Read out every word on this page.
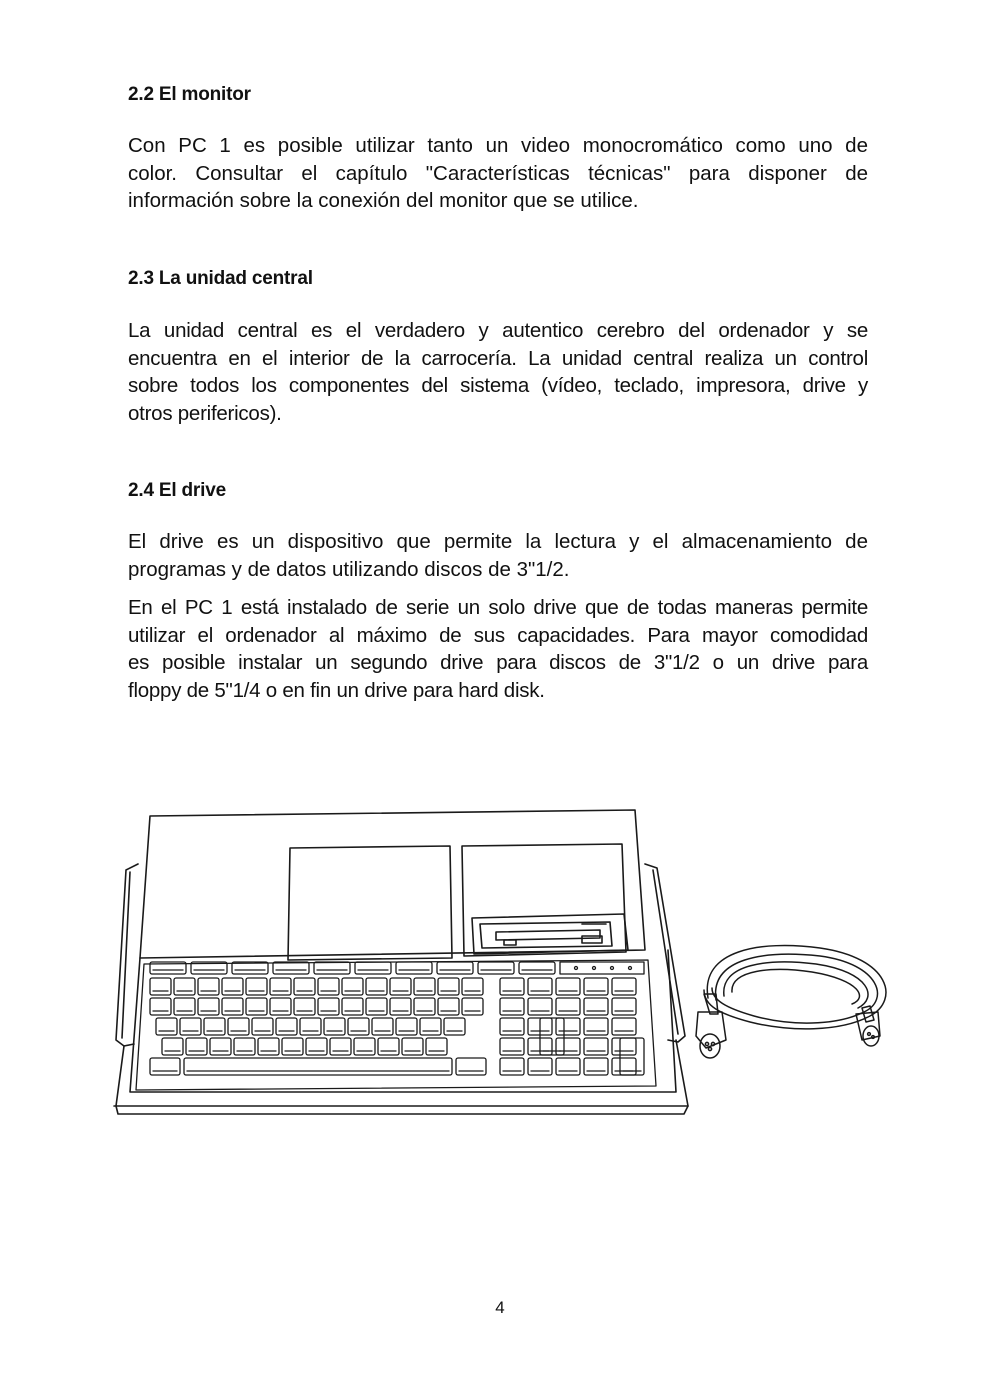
2.2 El monitor

Con PC 1 es posible utilizar tanto un video monocromático como uno de
color. Consultar el capítulo "Características técnicas" para disponer de
información sobre la conexión del monitor que se utilice.

2.3 La unidad central

La unidad central es el verdadero y autentico cerebro del ordenador y se
encuentra en el interior de la carrocería. La unidad central realiza un control
sobre todos los componentes del sistema (vídeo, teclado, impresora, drive y
otros perifericos).

2.4 El drive

El drive es un dispositivo que permite la lectura y el almacenamiento de
programas y de datos utilizando discos de 3"1/2.

En el PC 1 está instalado de serie un solo drive que de todas maneras permite
utilizar el ordenador al máximo de sus capacidades. Para mayor comodidad
es posible instalar un segundo drive para discos de 3"1/2 o un drive para
floppy de 5"1/4 o en fin un drive para hard disk.

4
